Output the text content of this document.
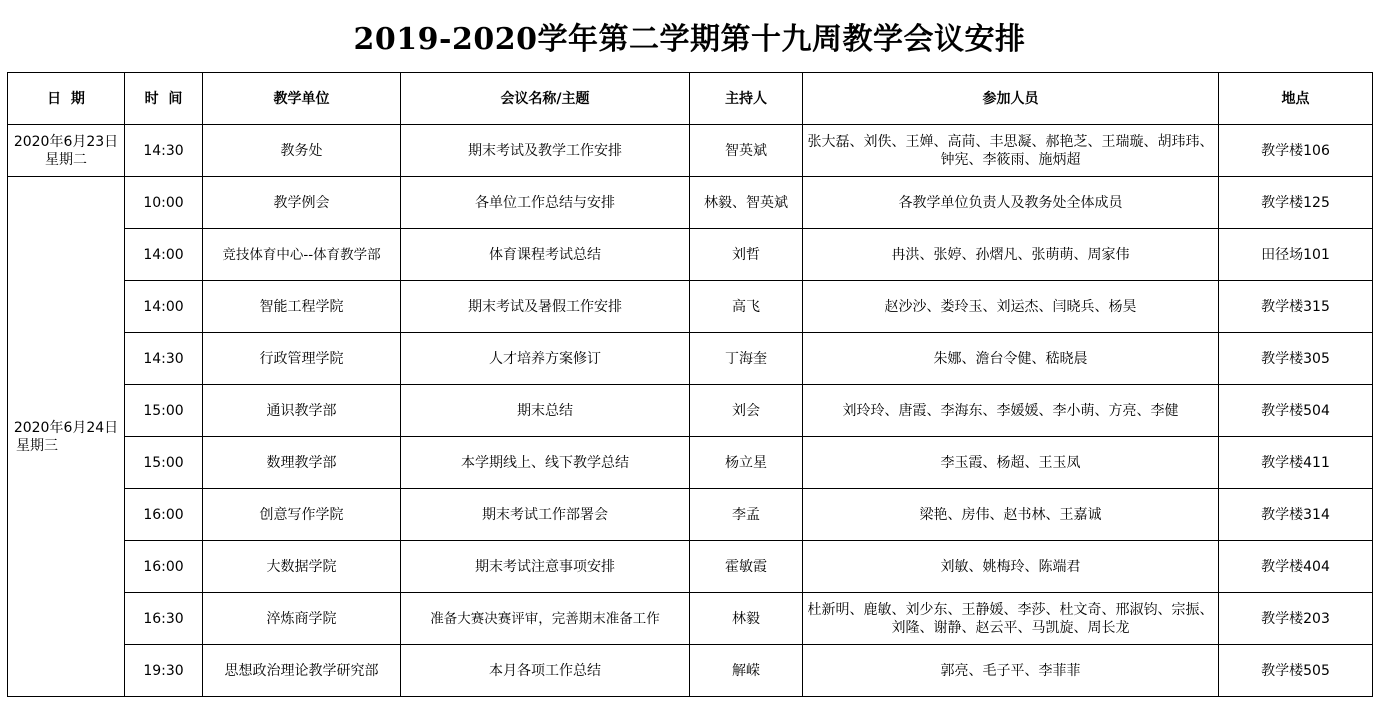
2019-2020学年第二学期第十九周教学会议安排
日  期	时  间	教学单位	会议名称/主题	主持人	参加人员	地点

2020年6月23日
星期二	14:30	教务处	期末考试及教学工作安排	智英斌	张大磊、刘佚、王婵、高苘、丰思凝、郝艳芝、王瑞璇、胡玮玮、钟宪、李筱雨、施炳超	教学楼106

2020年6月24日
星期三	10:00	教学例会	各单位工作总结与安排	林毅、智英斌	各教学单位负责人及教务处全体成员	教学楼125
	14:00	竞技体育中心--体育教学部	体育课程考试总结	刘哲	冉洪、张婷、孙熠凡、张萌萌、周家伟	田径场101
	14:00	智能工程学院	期末考试及暑假工作安排	高飞	赵沙沙、娄玲玉、刘运杰、闫晓兵、杨昊	教学楼315
	14:30	行政管理学院	人才培养方案修订	丁海奎	朱娜、澹台令健、嵇晓晨	教学楼305
	15:00	通识教学部	期末总结	刘会	刘玲玲、唐霞、李海东、李媛媛、李小萌、方亮、李健	教学楼504
	15:00	数理教学部	本学期线上、线下教学总结	杨立星	李玉霞、杨超、王玉凤	教学楼411
	16:00	创意写作学院	期末考试工作部署会	李孟	梁艳、房伟、赵书林、王嘉诚	教学楼314
	16:00	大数据学院	期末考试注意事项安排	霍敏霞	刘敏、姚梅玲、陈端君	教学楼404
	16:30	淬炼商学院	准备大赛决赛评审，完善期末准备工作	林毅	杜新明、鹿敏、刘少东、王静媛、李莎、杜文奇、邢淑钧、宗振、刘隆、谢静、赵云平、马凯旋、周长龙	教学楼203
	19:30	思想政治理论教学研究部	本月各项工作总结	解嵘	郭亮、毛子平、李菲菲	教学楼505
